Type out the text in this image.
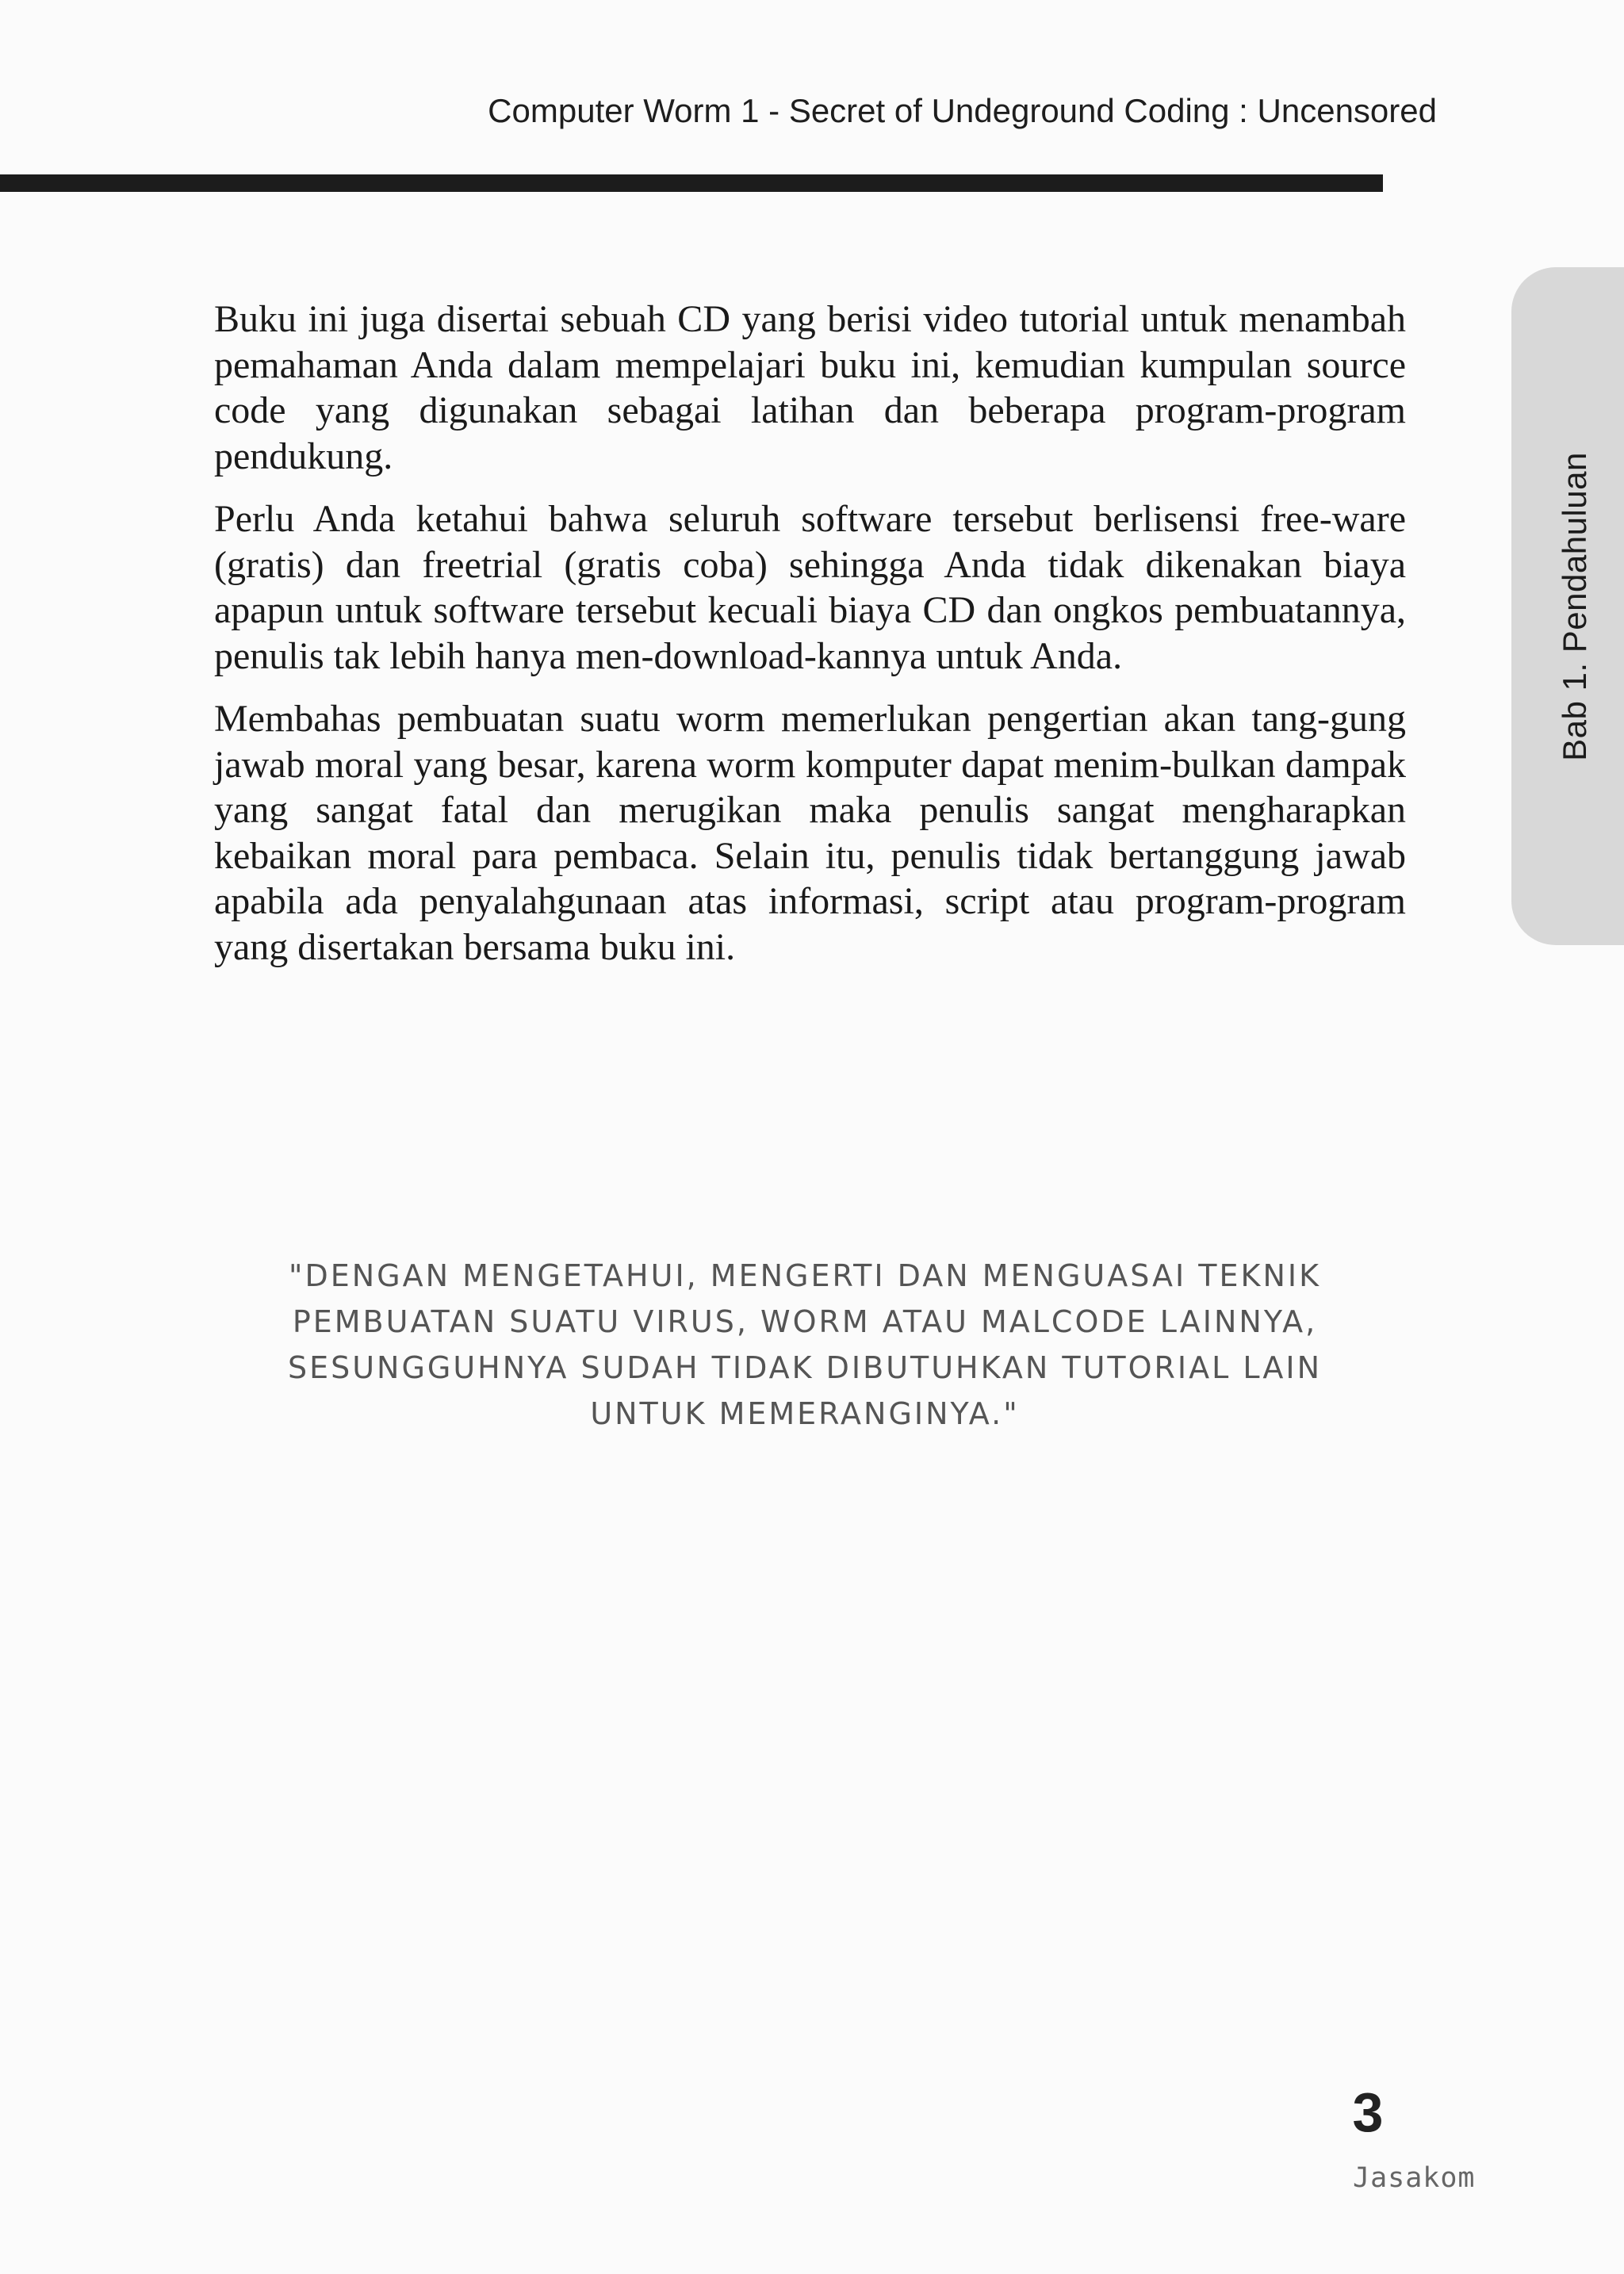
Computer Worm 1 - Secret of Undeground Coding : Uncensored
Bab 1. Pendahuluan

Buku ini juga disertai sebuah CD yang berisi video tutorial untuk menambah pemahaman Anda dalam mempelajari buku ini, kemudian kumpulan source code yang digunakan sebagai latihan dan beberapa program-program pendukung.

Perlu Anda ketahui bahwa seluruh software tersebut berlisensi free-ware (gratis) dan freetrial (gratis coba) sehingga Anda tidak dikenakan biaya apapun untuk software tersebut kecuali biaya CD dan ongkos pembuatannya, penulis tak lebih hanya men-download-kannya untuk Anda.

Membahas pembuatan suatu worm memerlukan pengertian akan tang-gung jawab moral yang besar, karena worm komputer dapat menim-bulkan dampak yang sangat fatal dan merugikan maka penulis sangat mengharapkan kebaikan moral para pembaca. Selain itu, penulis tidak bertanggung jawab apabila ada penyalahgunaan atas informasi, script atau program-program yang disertakan bersama buku ini.

"DENGAN MENGETAHUI, MENGERTI DAN MENGUASAI TEKNIK
PEMBUATAN SUATU VIRUS, WORM ATAU MALCODE LAINNYA,
SESUNGGUHNYA SUDAH TIDAK DIBUTUHKAN TUTORIAL LAIN
UNTUK MEMERANGINYA."
3
Jasakom
